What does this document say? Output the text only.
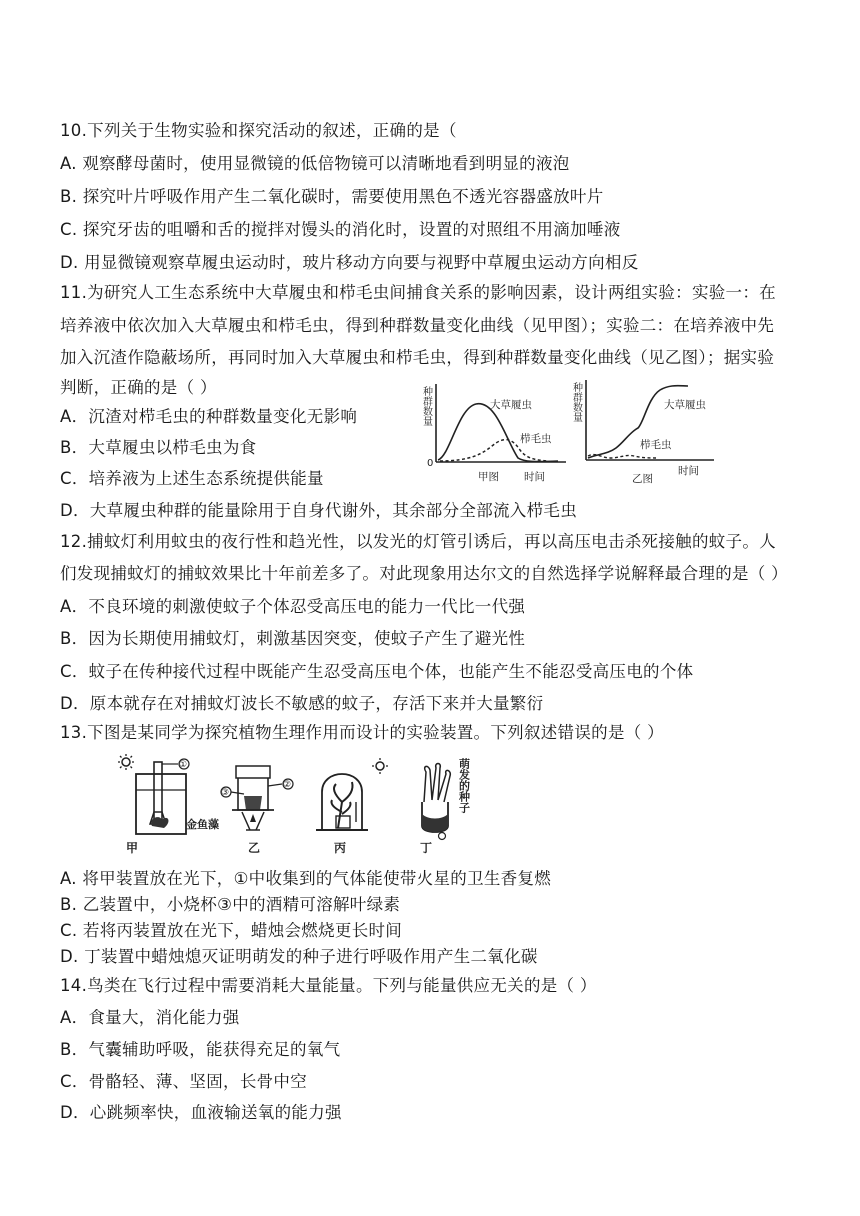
10.下列关于生物实验和探究活动的叙述，正确的是（
A. 观察酵母菌时，使用显微镜的低倍物镜可以清晰地看到明显的液泡
B. 探究叶片呼吸作用产生二氧化碳时，需要使用黑色不透光容器盛放叶片
C. 探究牙齿的咀嚼和舌的搅拌对馒头的消化时，设置的对照组不用滴加唾液
D. 用显微镜观察草履虫运动时，玻片移动方向要与视野中草履虫运动方向相反
11.为研究人工生态系统中大草履虫和栉毛虫间捕食关系的影响因素，设计两组实验：实验一：在
培养液中依次加入大草履虫和栉毛虫，得到种群数量变化曲线（见甲图）；实验二：在培养液中先
加入沉渣作隐蔽场所，再同时加入大草履虫和栉毛虫，得到种群数量变化曲线（见乙图）；据实验
判断，正确的是（ ）
A．沉渣对栉毛虫的种群数量变化无影响
B．大草履虫以栉毛虫为食
C．培养液为上述生态系统提供能量
D．大草履虫种群的能量除用于自身代谢外，其余部分全部流入栉毛虫
种群数量
0
大草履虫
栉毛虫
甲图 时间
种群数量	大草履虫
栉毛虫
乙图
时间
12.捕蚊灯利用蚊虫的夜行性和趋光性，以发光的灯管引诱后，再以高压电击杀死接触的蚊子。人
们发现捕蚊灯的捕蚊效果比十年前差多了。对此现象用达尔文的自然选择学说解释最合理的是（ ）
A．不良环境的刺激使蚊子个体忍受高压电的能力一代比一代强
B．因为长期使用捕蚊灯，刺激基因突变，使蚊子产生了避光性
C．蚊子在传种接代过程中既能产生忍受高压电个体，也能产生不能忍受高压电的个体
D．原本就存在对捕蚊灯波长不敏感的蚊子，存活下来并大量繁衍
13.下图是某同学为探究植物生理作用而设计的实验装置。下列叙述错误的是（ ）
①
金鱼藻
甲
②
③
乙	丙
萌发的种子
丁
A. 将甲装置放在光下，①中收集到的气体能使带火星的卫生香复燃
B. 乙装置中，小烧杯③中的酒精可溶解叶绿素
C. 若将丙装置放在光下，蜡烛会燃烧更长时间
D. 丁装置中蜡烛熄灭证明萌发的种子进行呼吸作用产生二氧化碳
14.鸟类在飞行过程中需要消耗大量能量。下列与能量供应无关的是（ ）
A．食量大，消化能力强
B．气囊辅助呼吸，能获得充足的氧气
C．骨骼轻、薄、坚固，长骨中空
D．心跳频率快，血液输送氧的能力强
